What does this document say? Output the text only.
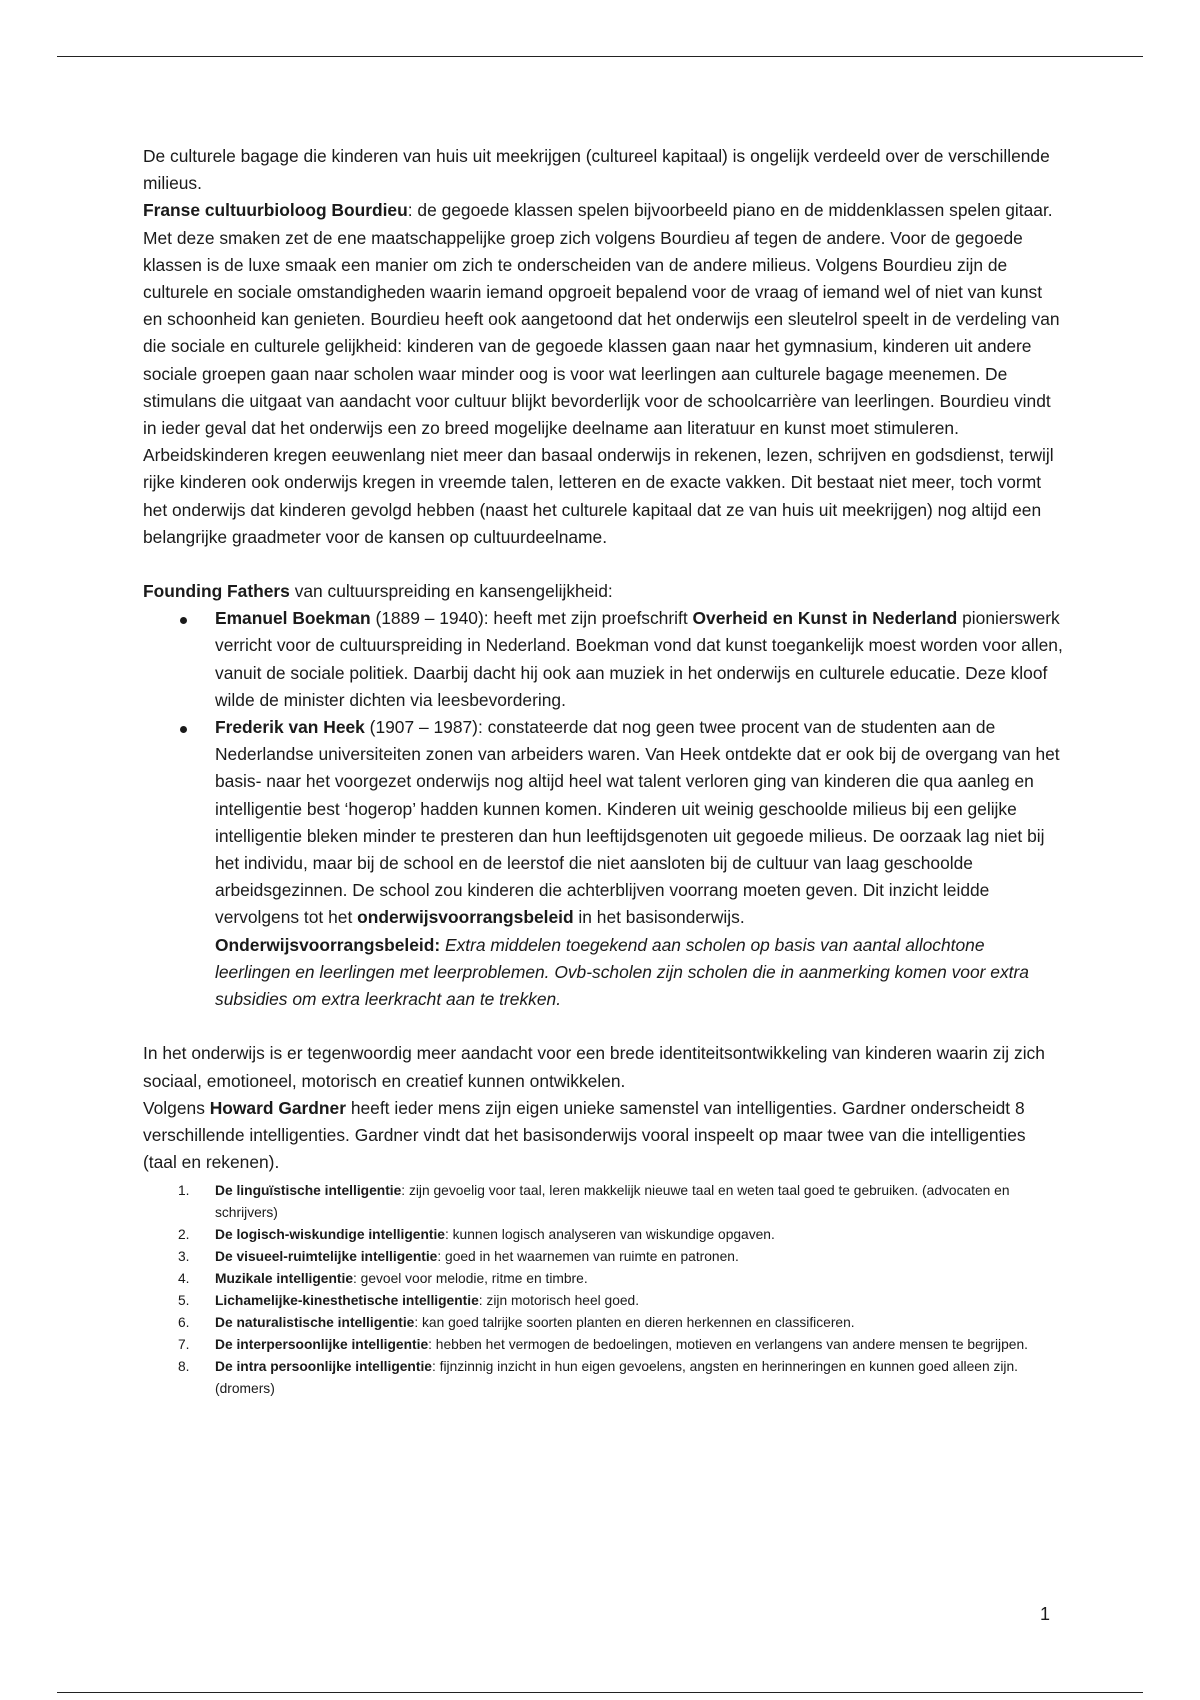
De culturele bagage die kinderen van huis uit meekrijgen (cultureel kapitaal) is ongelijk verdeeld over de verschillende milieus.

Franse cultuurbioloog Bourdieu: de gegoede klassen spelen bijvoorbeeld piano en de middenklassen spelen gitaar. Met deze smaken zet de ene maatschappelijke groep zich volgens Bourdieu af tegen de andere. Voor de gegoede klassen is de luxe smaak een manier om zich te onderscheiden van de andere milieus. Volgens Bourdieu zijn de culturele en sociale omstandigheden waarin iemand opgroeit bepalend voor de vraag of iemand wel of niet van kunst en schoonheid kan genieten. Bourdieu heeft ook aangetoond dat het onderwijs een sleutelrol speelt in de verdeling van die sociale en culturele gelijkheid: kinderen van de gegoede klassen gaan naar het gymnasium, kinderen uit andere sociale groepen gaan naar scholen waar minder oog is voor wat leerlingen aan culturele bagage meenemen. De stimulans die uitgaat van aandacht voor cultuur blijkt bevorderlijk voor de schoolcarrière van leerlingen. Bourdieu vindt in ieder geval dat het onderwijs een zo breed mogelijke deelname aan literatuur en kunst moet stimuleren.

Arbeidskinderen kregen eeuwenlang niet meer dan basaal onderwijs in rekenen, lezen, schrijven en godsdienst, terwijl rijke kinderen ook onderwijs kregen in vreemde talen, letteren en de exacte vakken. Dit bestaat niet meer, toch vormt het onderwijs dat kinderen gevolgd hebben (naast het culturele kapitaal dat ze van huis uit meekrijgen) nog altijd een belangrijke graadmeter voor de kansen op cultuurdeelname.

Founding Fathers van cultuurspreiding en kansengelijkheid:

Emanuel Boekman (1889 – 1940): heeft met zijn proefschrift Overheid en Kunst in Nederland pionierswerk verricht voor de cultuurspreiding in Nederland. Boekman vond dat kunst toegankelijk moest worden voor allen, vanuit de sociale politiek. Daarbij dacht hij ook aan muziek in het onderwijs en culturele educatie. Deze kloof wilde de minister dichten via leesbevordering.
Frederik van Heek (1907 – 1987): constateerde dat nog geen twee procent van de studenten aan de Nederlandse universiteiten zonen van arbeiders waren. Van Heek ontdekte dat er ook bij de overgang van het basis- naar het voorgezet onderwijs nog altijd heel wat talent verloren ging van kinderen die qua aanleg en intelligentie best ‘hogerop’ hadden kunnen komen. Kinderen uit weinig geschoolde milieus bij een gelijke intelligentie bleken minder te presteren dan hun leeftijdsgenoten uit gegoede milieus. De oorzaak lag niet bij het individu, maar bij de school en de leerstof die niet aansloten bij de cultuur van laag geschoolde arbeidsgezinnen. De school zou kinderen die achterblijven voorrang moeten geven. Dit inzicht leidde vervolgens tot het onderwijsvoorrangsbeleid in het basisonderwijs.
Onderwijsvoorrangsbeleid: Extra middelen toegekend aan scholen op basis van aantal allochtone leerlingen en leerlingen met leerproblemen. Ovb-scholen zijn scholen die in aanmerking komen voor extra subsidies om extra leerkracht aan te trekken.

In het onderwijs is er tegenwoordig meer aandacht voor een brede identiteitsontwikkeling van kinderen waarin zij zich sociaal, emotioneel, motorisch en creatief kunnen ontwikkelen.

Volgens Howard Gardner heeft ieder mens zijn eigen unieke samenstel van intelligenties. Gardner onderscheidt 8 verschillende intelligenties. Gardner vindt dat het basisonderwijs vooral inspeelt op maar twee van die intelligenties (taal en rekenen).

1. De linguïstische intelligentie: zijn gevoelig voor taal, leren makkelijk nieuwe taal en weten taal goed te gebruiken. (advocaten en schrijvers)
2. De logisch-wiskundige intelligentie: kunnen logisch analyseren van wiskundige opgaven.
3. De visueel-ruimtelijke intelligentie: goed in het waarnemen van ruimte en patronen.
4. Muzikale intelligentie: gevoel voor melodie, ritme en timbre.
5. Lichamelijke-kinesthetische intelligentie: zijn motorisch heel goed.
6. De naturalistische intelligentie: kan goed talrijke soorten planten en dieren herkennen en classificeren.
7. De interpersoonlijke intelligentie: hebben het vermogen de bedoelingen, motieven en verlangens van andere mensen te begrijpen.
8. De intra persoonlijke intelligentie: fijnzinnig inzicht in hun eigen gevoelens, angsten en herinneringen en kunnen goed alleen zijn. (dromers)
1
